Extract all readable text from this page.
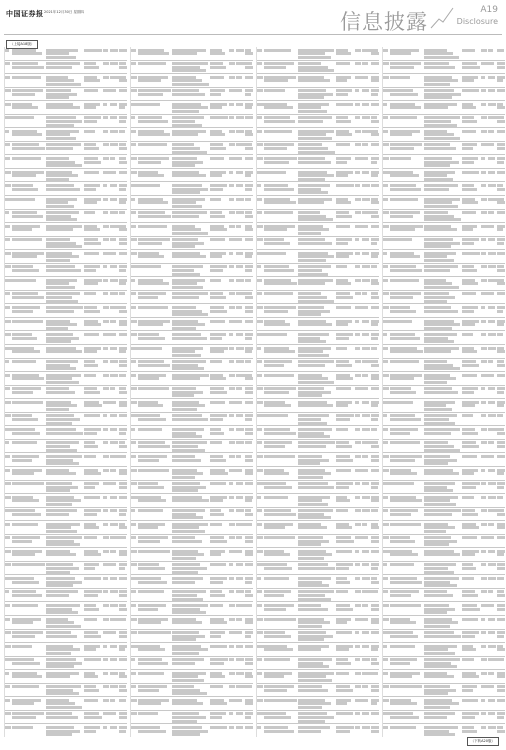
中国证券报 2021年12月30日 星期四	信息披露	A19
Disclosure
（上接A18版）
（下转A20版）
